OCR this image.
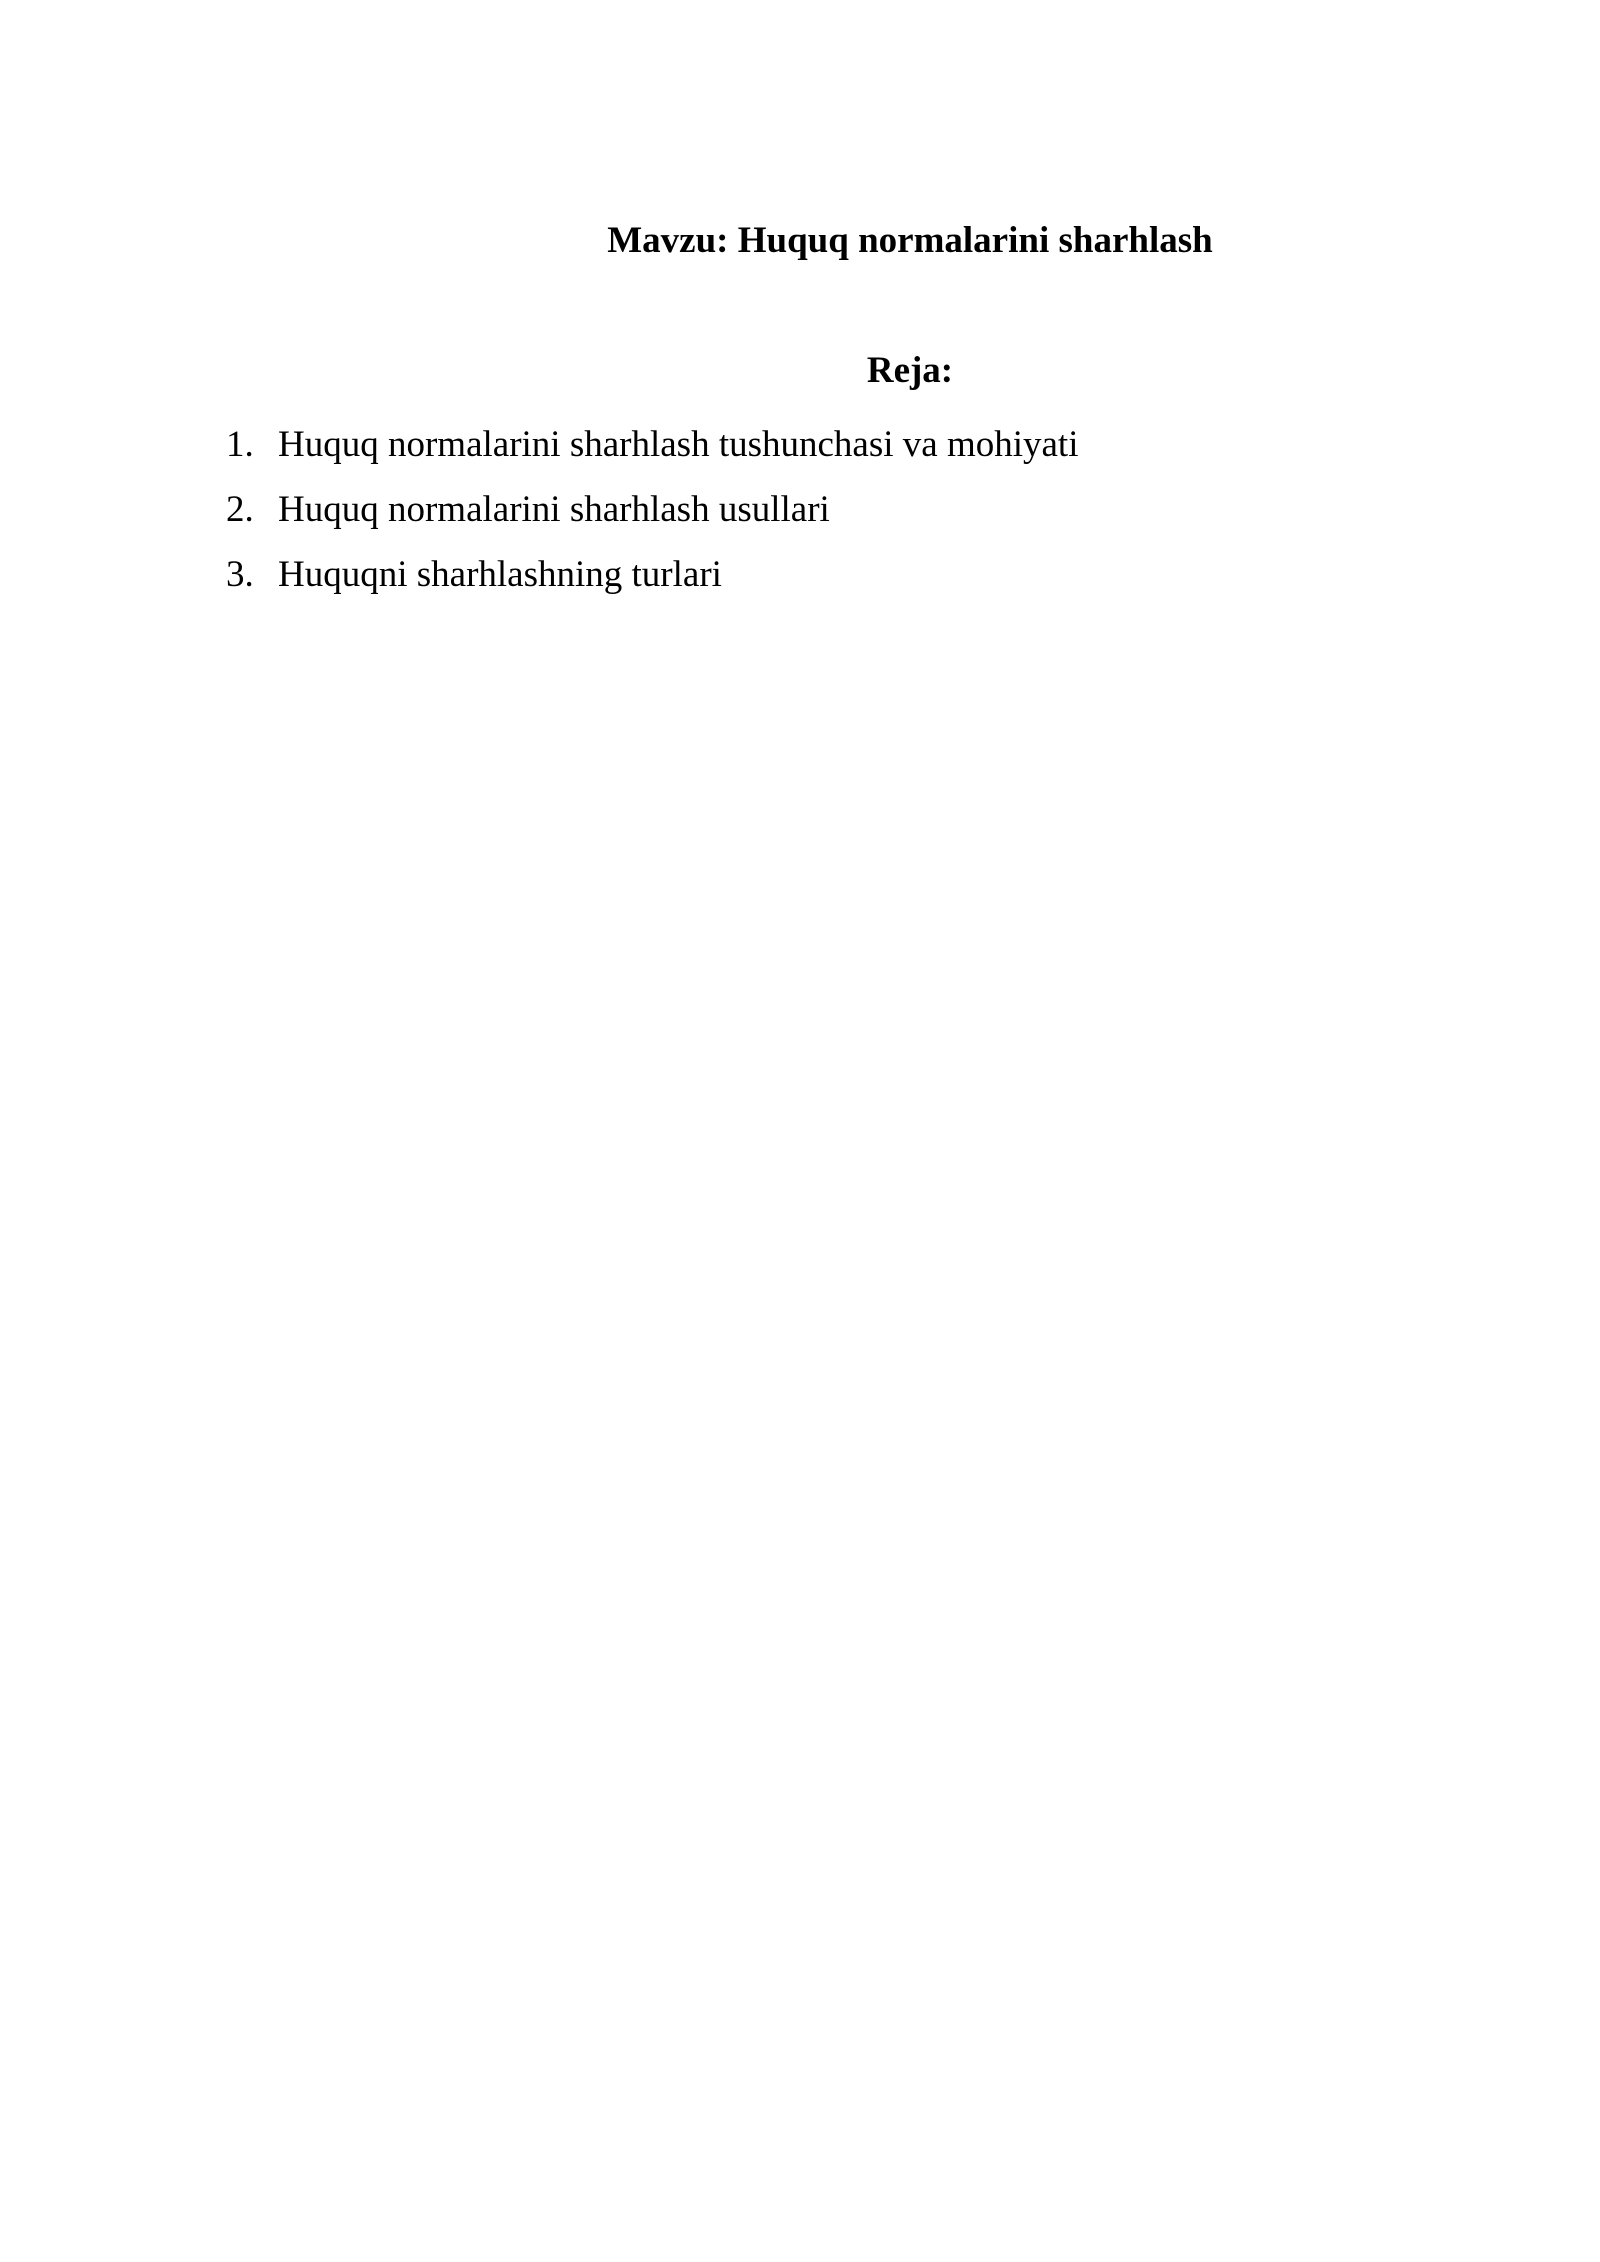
Mavzu: Huquq normalarini sharhlash
Reja:
1. Huquq normalarini sharhlash tushunchasi va mohiyati
2. Huquq normalarini sharhlash usullari
3. Huquqni sharhlashning turlari
